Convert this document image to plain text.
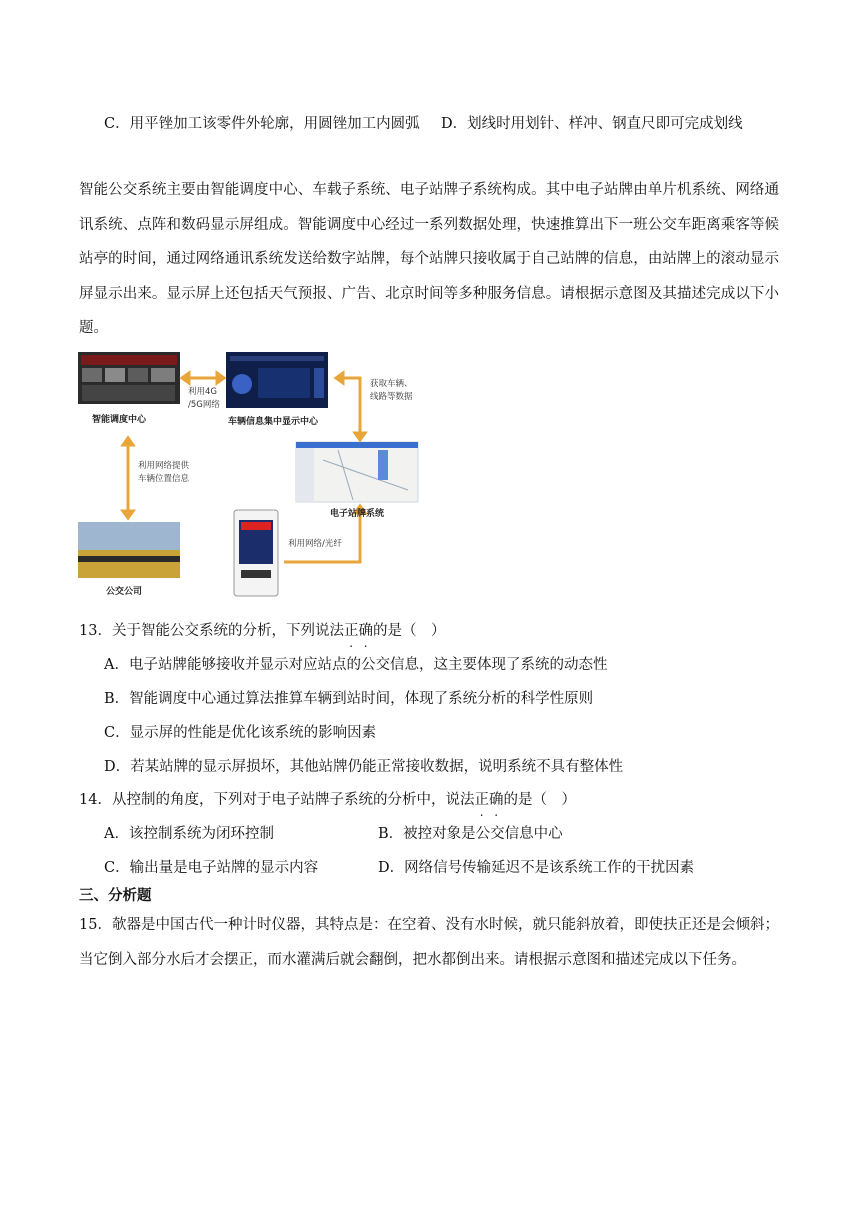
C．用平锉加工该零件外轮廓，用圆锉加工内圆弧 D．划线时用划针、样冲、钢直尺即可完成划线
智能公交系统主要由智能调度中心、车载子系统、电子站牌子系统构成。其中电子站牌由单片机系统、网络通讯系统、点阵和数码显示屏组成。智能调度中心经过一系列数据处理，快速推算出下一班公交车距离乘客等候站亭的时间，通过网络通讯系统发送给数字站牌，每个站牌只接收属于自己站牌的信息，由站牌上的滚动显示屏显示出来。显示屏上还包括天气预报、广告、北京时间等多种服务信息。请根据示意图及其描述完成以下小题。
智能调度中心	车辆信息集中显示中心
电子站牌系统
公交公司
利用4G
/5G网络
获取车辆、
线路等数据
利用网络提供
车辆位置信息
利用网络/光纤
13．关于智能公交系统的分析，下列说法正确的是（　）
A．电子站牌能够接收并显示对应站点的公交信息，这主要体现了系统的动态性
B．智能调度中心通过算法推算车辆到站时间，体现了系统分析的科学性原则
C．显示屏的性能是优化该系统的影响因素
D．若某站牌的显示屏损坏，其他站牌仍能正常接收数据，说明系统不具有整体性
14．从控制的角度，下列对于电子站牌子系统的分析中，说法正确的是（　）
A．该控制系统为闭环控制	B．被控对象是公交信息中心
C．输出量是电子站牌的显示内容	D．网络信号传输延迟不是该系统工作的干扰因素
三、分析题
15．欹器是中国古代一种计时仪器，其特点是：在空着、没有水时候，就只能斜放着，即使扶正还是会倾斜；当它倒入部分水后才会摆正，而水灌满后就会翻倒，把水都倒出来。请根据示意图和描述完成以下任务。
